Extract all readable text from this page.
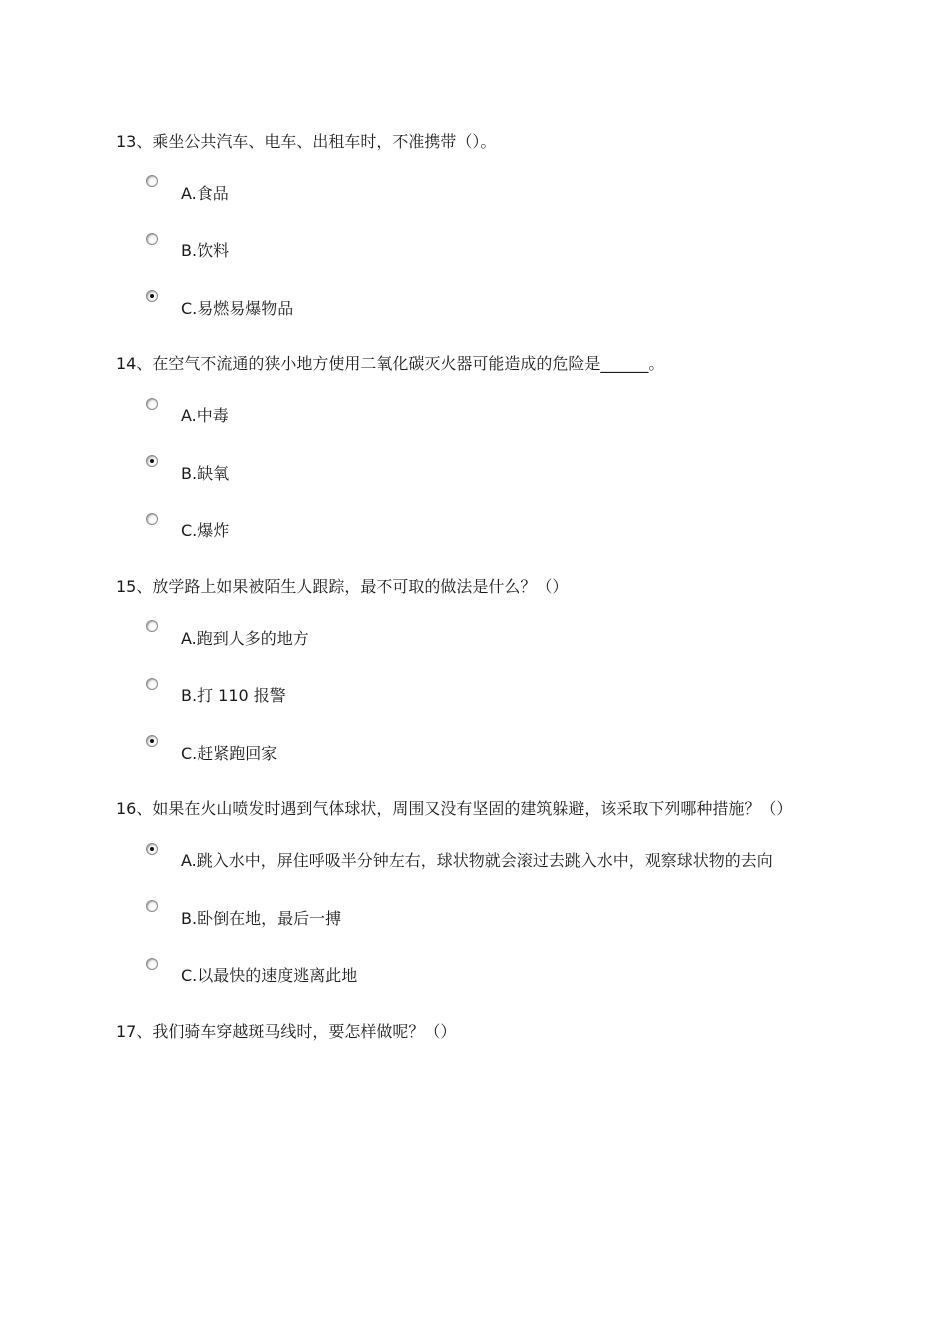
13、乘坐公共汽车、电车、出租车时，不准携带（）。
A.食品
B.饮料
C.易燃易爆物品
14、在空气不流通的狭小地方使用二氧化碳灭火器可能造成的危险是______。
A.中毒
B.缺氧
C.爆炸
15、放学路上如果被陌生人跟踪，最不可取的做法是什么？（）
A.跑到人多的地方
B.打 110 报警
C.赶紧跑回家
16、如果在火山喷发时遇到气体球状，周围又没有坚固的建筑躲避，该采取下列哪种措施？（）
A.跳入水中，屏住呼吸半分钟左右，球状物就会滚过去跳入水中，观察球状物的去向
B.卧倒在地，最后一搏
C.以最快的速度逃离此地
17、我们骑车穿越斑马线时，要怎样做呢？（）
